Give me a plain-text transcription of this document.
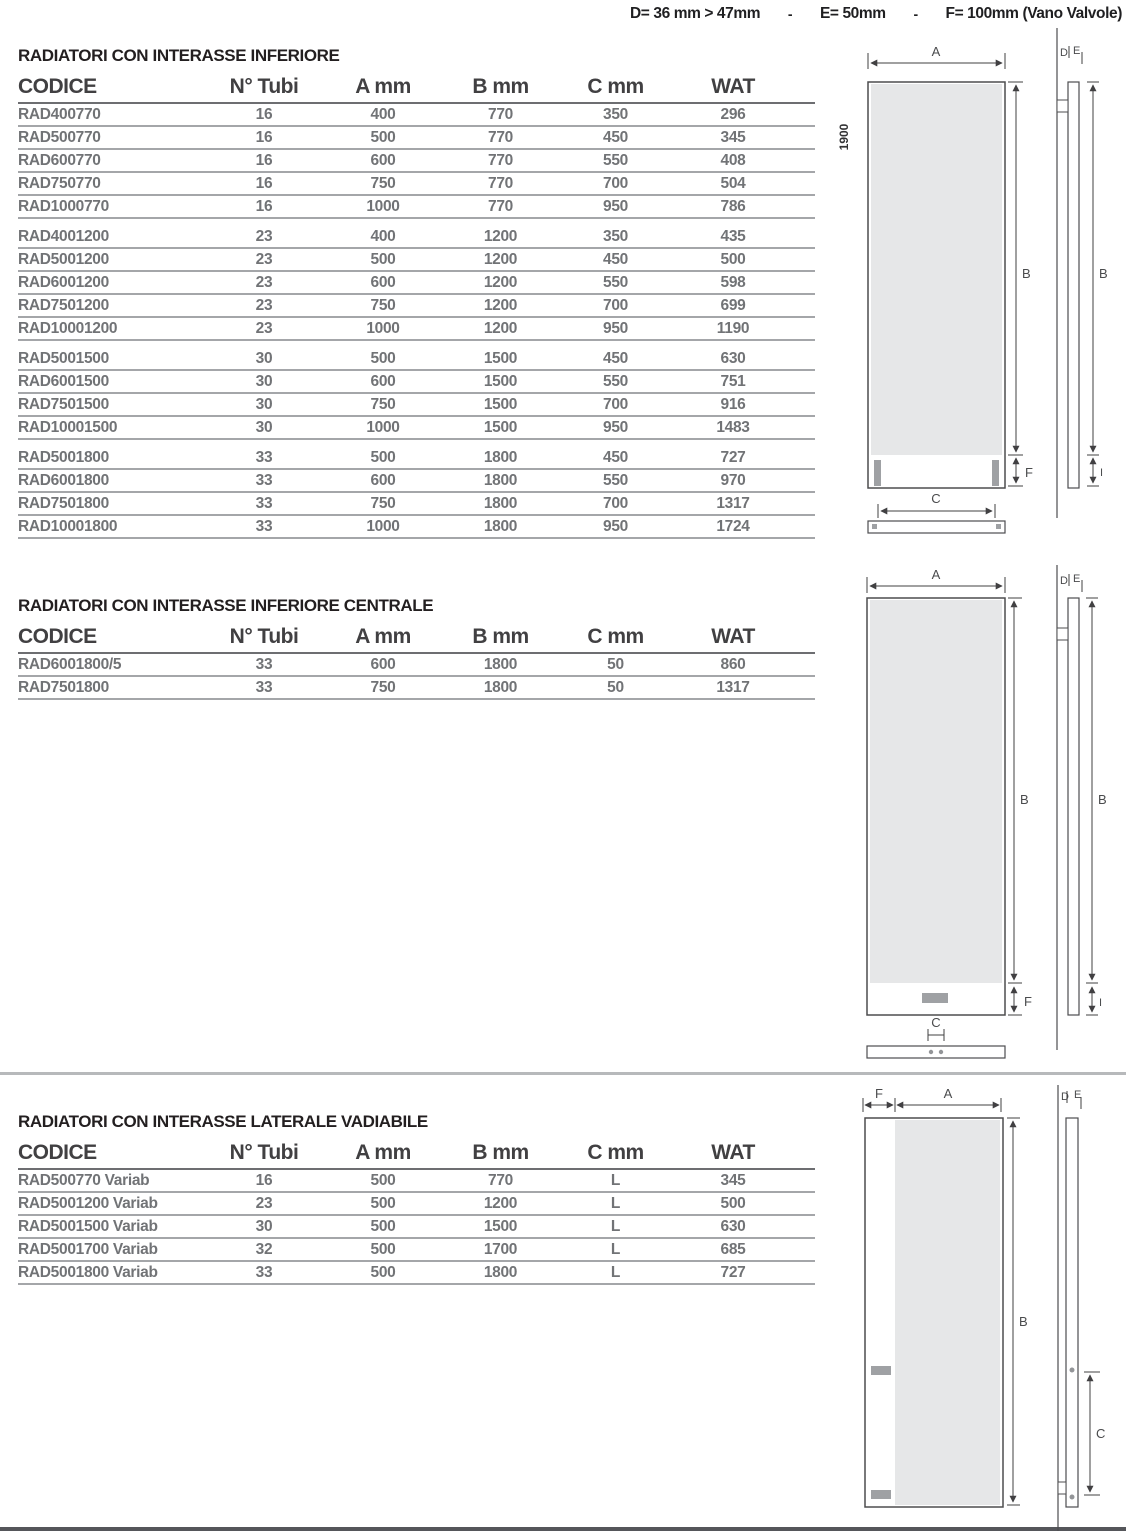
D= 36 mm > 47mm - E= 50mm - F= 100mm (Vano Valvole)
RADIATORI CON INTERASSE INFERIORE
CODICE	N° Tubi	A mm	B mm	C mm	WAT
RAD400770	16	400	770	350	296
RAD500770	16	500	770	450	345
RAD600770	16	600	770	550	408
RAD750770	16	750	770	700	504
RAD1000770	16	1000	770	950	786
RAD4001200	23	400	1200	350	435
RAD5001200	23	500	1200	450	500
RAD6001200	23	600	1200	550	598
RAD7501200	23	750	1200	700	699
RAD10001200	23	1000	1200	950	1190
RAD5001500	30	500	1500	450	630
RAD6001500	30	600	1500	550	751
RAD7501500	30	750	1500	700	916
RAD10001500	30	1000	1500	950	1483
RAD5001800	33	500	1800	450	727
RAD6001800	33	600	1800	550	970
RAD7501800	33	750	1800	700	1317
RAD10001800	33	1000	1800	950	1724
RADIATORI CON INTERASSE INFERIORE CENTRALE
CODICE	N° Tubi	A mm	B mm	C mm	WAT
RAD6001800/5	33	600	1800	50	860
RAD7501800	33	750	1800	50	1317
RADIATORI CON INTERASSE LATERALE VADIABILE
CODICE	N° Tubi	A mm	B mm	C mm	WAT
RAD500770 Variab	16	500	770	L	345
RAD5001200 Variab	23	500	1200	L	500
RAD5001500 Variab	30	500	1500	L	630
RAD5001700 Variab	32	500	1700	L	685
RAD5001800 Variab	33	500	1800	L	727
1900
A
B
F
C
D E
B
I
A
B
F
C
D E
B
I
F	A
B
D E
C
